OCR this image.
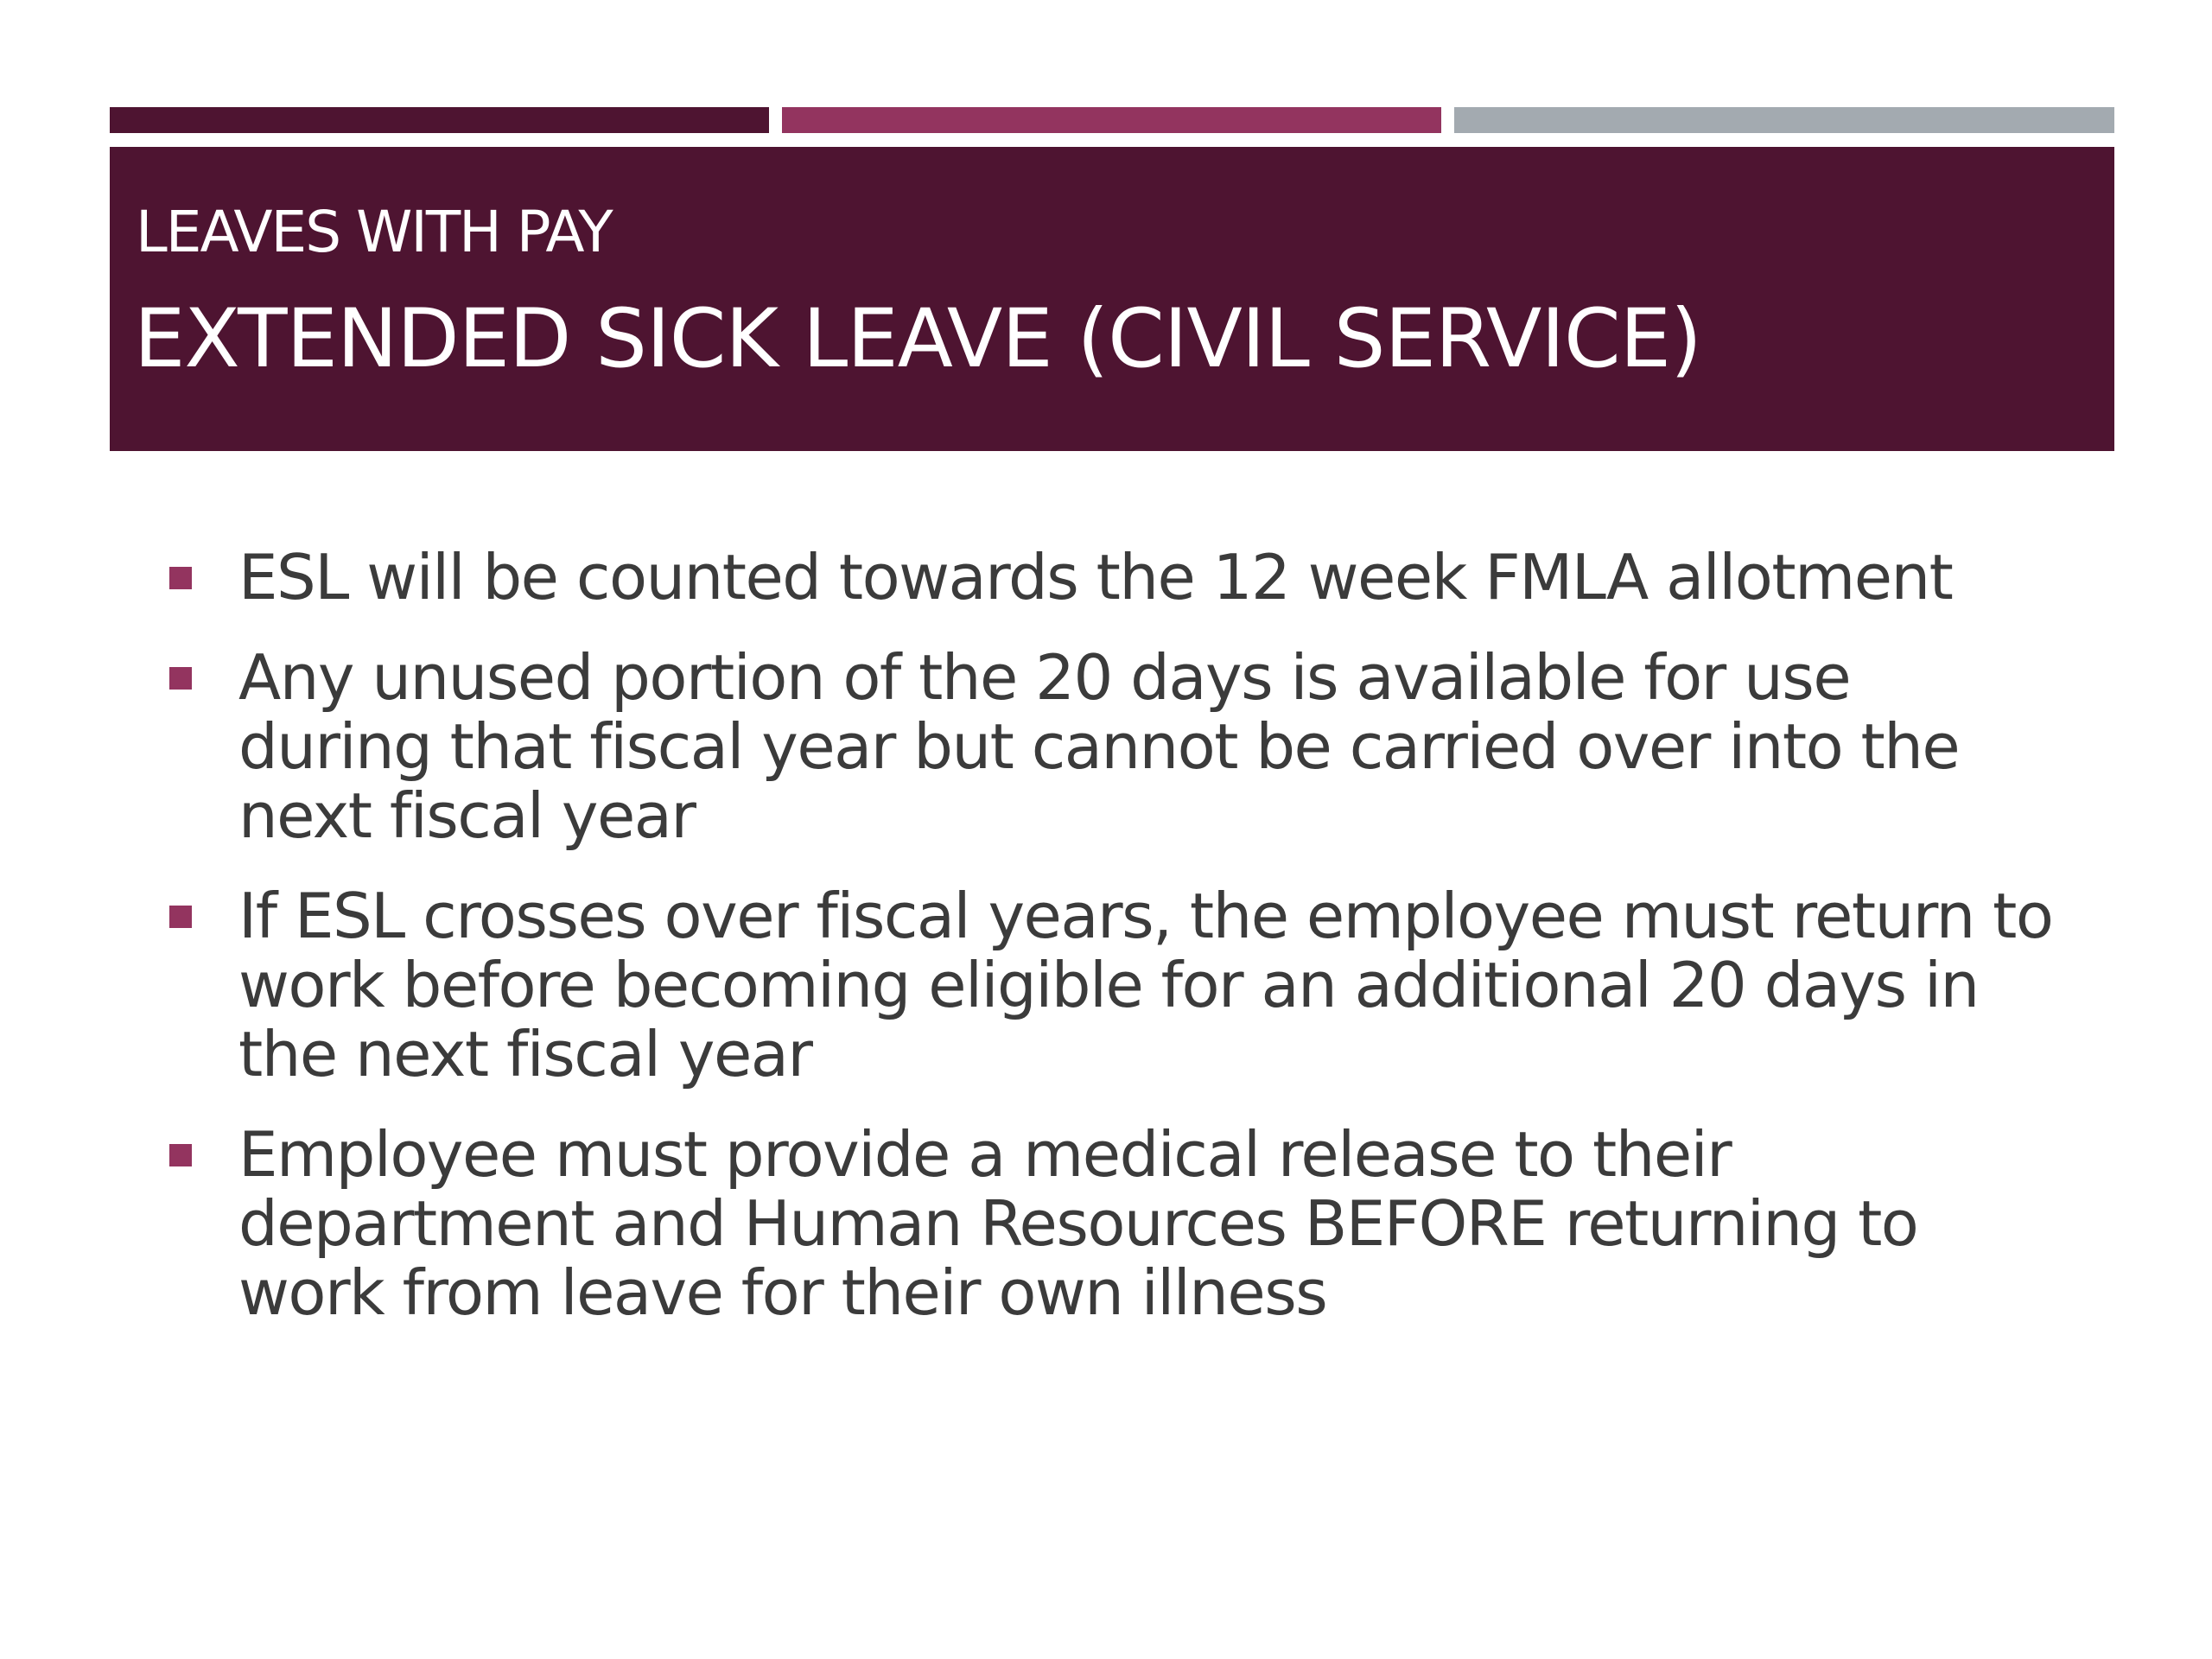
LEAVES WITH PAY
EXTENDED SICK LEAVE (CIVIL SERVICE)
ESL will be counted towards the 12 week FMLA allotment
Any unused portion of the 20 days is available for use during that fiscal year but cannot be carried over into the next fiscal year
If ESL crosses over fiscal years, the employee must return to work before becoming eligible for an additional 20 days in the next fiscal year
Employee must provide a medical release to their department and Human Resources BEFORE returning to work from leave for their own illness
